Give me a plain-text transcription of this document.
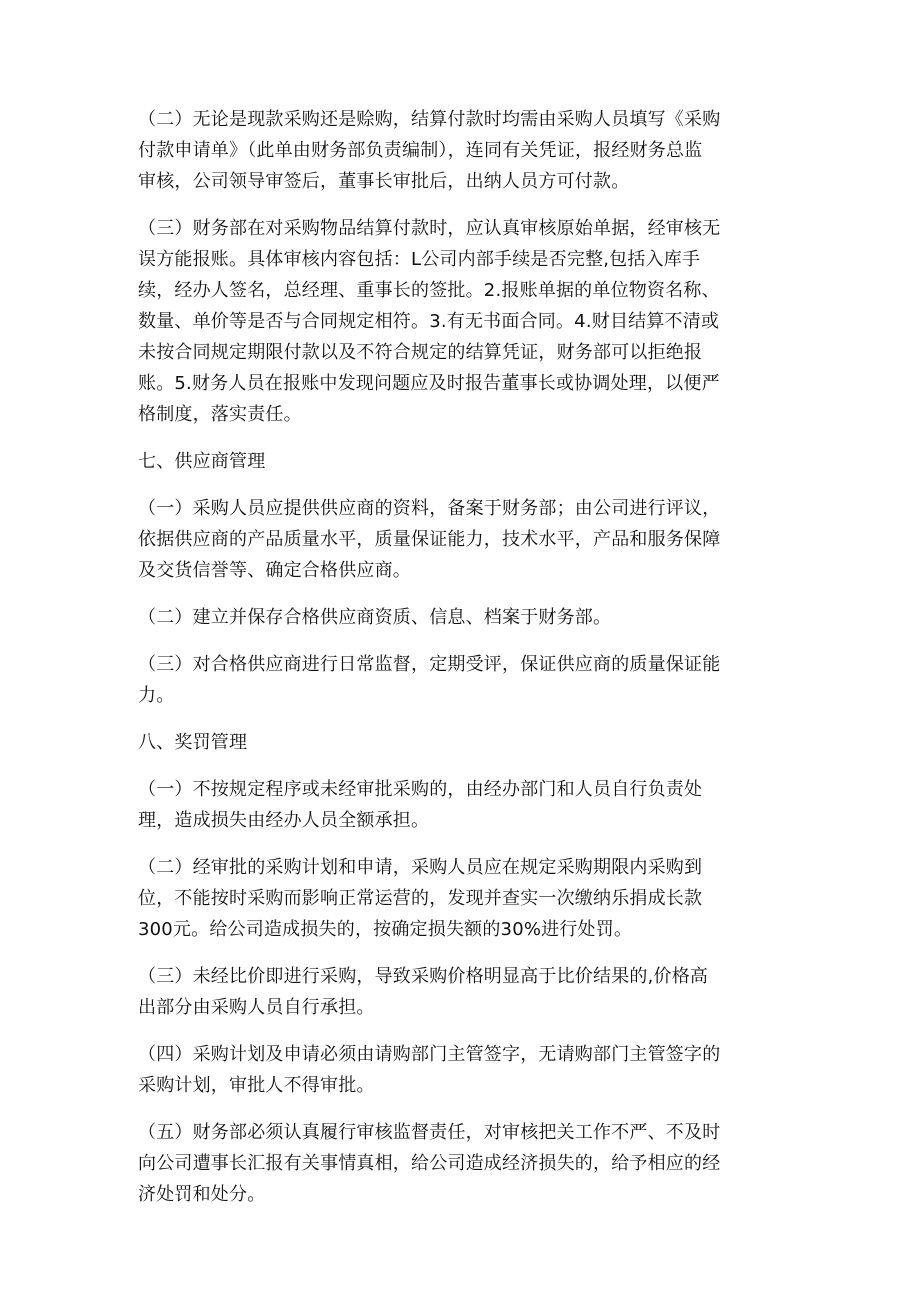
（二）无论是现款采购还是赊购，结算付款时均需由采购人员填写《采购
付款申请单》（此单由财务部负责编制），连同有关凭证，报经财务总监
审核，公司领导审签后，董事长审批后，出纳人员方可付款。

（三）财务部在对采购物品结算付款时，应认真审核原始单据，经审核无
误方能报账。具体审核内容包括：L公司内部手续是否完整,包括入库手
续，经办人签名，总经理、重事长的签批。2.报账单据的单位物资名称、
数量、单价等是否与合同规定相符。3.有无书面合同。4.财目结算不清或
未按合同规定期限付款以及不符合规定的结算凭证，财务部可以拒绝报
账。5.财务人员在报账中发现问题应及时报告董事长或协调处理，以便严
格制度，落实责任。

七、供应商管理

（一）采购人员应提供供应商的资料，备案于财务部；由公司进行评议，
依据供应商的产品质量水平，质量保证能力，技术水平，产品和服务保障
及交货信誉等、确定合格供应商。

（二）建立并保存合格供应商资质、信息、档案于财务部。

（三）对合格供应商进行日常监督，定期受评，保证供应商的质量保证能
力。

八、奖罚管理

（一）不按规定程序或未经审批采购的，由经办部门和人员自行负责处
理，造成损失由经办人员全额承担。

（二）经审批的采购计划和申请，采购人员应在规定采购期限内采购到
位，不能按时采购而影响正常运营的，发现并查实一次缴纳乐捐成长款
300元。给公司造成损失的，按确定损失额的30%进行处罚。

（三）未经比价即进行采购，导致采购价格明显高于比价结果的,价格高
出部分由采购人员自行承担。

（四）采购计划及申请必须由请购部门主管签字，无请购部门主管签字的
采购计划，审批人不得审批。

（五）财务部必须认真履行审核监督责任，对审核把关工作不严、不及时
向公司遭事长汇报有关事情真相，给公司造成经济损失的，给予相应的经
济处罚和处分。
